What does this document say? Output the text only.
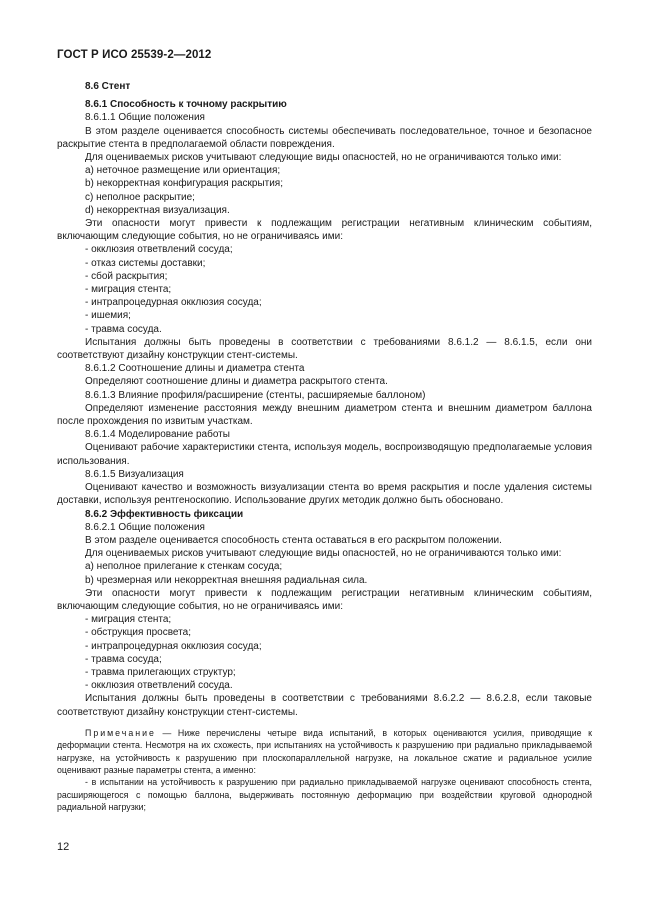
ГОСТ Р ИСО 25539-2—2012

8.6 Стент

8.6.1 Способность к точному раскрытию

8.6.1.1 Общие положения

В этом разделе оценивается способность системы обеспечивать последовательное, точное и безопасное раскрытие стента в предполагаемой области повреждения.

Для оцениваемых рисков учитывают следующие виды опасностей, но не ограничиваются только ими:

a) неточное размещение или ориентация;

b) некорректная конфигурация раскрытия;

c) неполное раскрытие;

d) некорректная визуализация.

Эти опасности могут привести к подлежащим регистрации негативным клиническим событиям, включающим следующие события, но не ограничиваясь ими:

- окклюзия ответвлений сосуда;

- отказ системы доставки;

- сбой раскрытия;

- миграция стента;

- интрапроцедурная окклюзия сосуда;

- ишемия;

- травма сосуда.

Испытания должны быть проведены в соответствии с требованиями 8.6.1.2 — 8.6.1.5, если они соответствуют дизайну конструкции стент-системы.

8.6.1.2 Соотношение длины и диаметра стента

Определяют соотношение длины и диаметра раскрытого стента.

8.6.1.3 Влияние профиля/расширение (стенты, расширяемые баллоном)

Определяют изменение расстояния между внешним диаметром стента и внешним диаметром баллона после прохождения по извитым участкам.

8.6.1.4 Моделирование работы

Оценивают рабочие характеристики стента, используя модель, воспроизводящую предполагаемые условия использования.

8.6.1.5 Визуализация

Оценивают качество и возможность визуализации стента во время раскрытия и после удаления системы доставки, используя рентгеноскопию. Использование других методик должно быть обосновано.

8.6.2 Эффективность фиксации

8.6.2.1 Общие положения

В этом разделе оценивается способность стента оставаться в его раскрытом положении.

Для оцениваемых рисков учитывают следующие виды опасностей, но не ограничиваются только ими:

a) неполное прилегание к стенкам сосуда;

b) чрезмерная или некорректная внешняя радиальная сила.

Эти опасности могут привести к подлежащим регистрации негативным клиническим событиям, включающим следующие события, но не ограничиваясь ими:

- миграция стента;

- обструкция просвета;

- интрапроцедурная окклюзия сосуда;

- травма сосуда;

- травма прилегающих структур;

- окклюзия ответвлений сосуда.

Испытания должны быть проведены в соответствии с требованиями 8.6.2.2 — 8.6.2.8, если таковые соответствуют дизайну конструкции стент-системы.

Примечание — Ниже перечислены четыре вида испытаний, в которых оцениваются усилия, приводящие к деформации стента. Несмотря на их схожесть, при испытаниях на устойчивость к разрушению при радиально прикладываемой нагрузке, на устойчивость к разрушению при плоскопараллельной нагрузке, на локальное сжатие и радиальное усилие оценивают разные параметры стента, а именно:

- в испытании на устойчивость к разрушению при радиально прикладываемой нагрузке оценивают способность стента, расширяющегося с помощью баллона, выдерживать постоянную деформацию при воздействии круговой однородной радиальной нагрузки;

12
